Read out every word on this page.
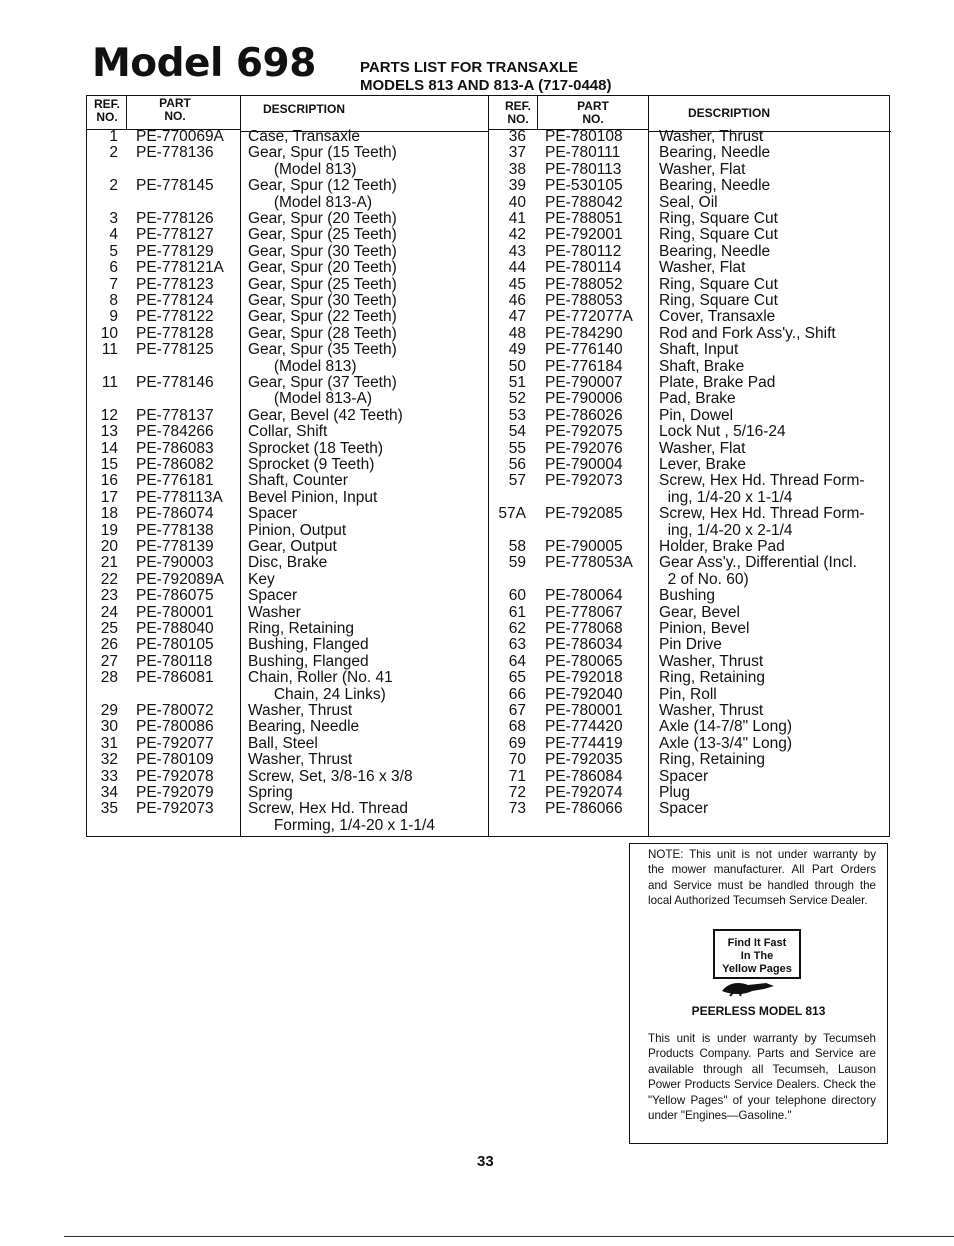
Model 698	PARTS LIST FOR TRANSAXLE
MODELS 813 AND 813-A (717-0448)
REF.
NO.
PART
NO.	DESCRIPTION	REF.
NO.
PART
NO.	DESCRIPTION
1 PE-770069A Case, Transaxle
2 PE-778136 Gear, Spur (15 Teeth)
(Model 813)
2 PE-778145 Gear, Spur (12 Teeth)
(Model 813-A)
3 PE-778126 Gear, Spur (20 Teeth)
4 PE-778127 Gear, Spur (25 Teeth)
5 PE-778129 Gear, Spur (30 Teeth)
6 PE-778121A Gear, Spur (20 Teeth)
7 PE-778123 Gear, Spur (25 Teeth)
8 PE-778124 Gear, Spur (30 Teeth)
9 PE-778122 Gear, Spur (22 Teeth)
10 PE-778128 Gear, Spur (28 Teeth)
11 PE-778125 Gear, Spur (35 Teeth)
(Model 813)
11 PE-778146 Gear, Spur (37 Teeth)
(Model 813-A)
12 PE-778137 Gear, Bevel (42 Teeth)
13 PE-784266 Collar, Shift
14 PE-786083 Sprocket (18 Teeth)
15 PE-786082 Sprocket (9 Teeth)
16 PE-776181 Shaft, Counter
17 PE-778113A Bevel Pinion, Input
18 PE-786074 Spacer
19 PE-778138 Pinion, Output
20 PE-778139 Gear, Output
21 PE-790003 Disc, Brake
22 PE-792089A Key
23 PE-786075 Spacer
24 PE-780001 Washer
25 PE-788040 Ring, Retaining
26 PE-780105 Bushing, Flanged
27 PE-780118 Bushing, Flanged
28 PE-786081 Chain, Roller (No. 41
Chain, 24 Links)
29 PE-780072 Washer, Thrust
30 PE-780086 Bearing, Needle
31 PE-792077 Ball, Steel
32 PE-780109 Washer, Thrust
33 PE-792078 Screw, Set, 3/8-16 x 3/8
34 PE-792079 Spring
35 PE-792073 Screw, Hex Hd. Thread
Forming, 1/4-20 x 1-1/4
36 PE-780108 Washer, Thrust
37 PE-780111 Bearing, Needle
38 PE-780113 Washer, Flat
39 PE-530105 Bearing, Needle
40 PE-788042 Seal, Oil
41 PE-788051 Ring, Square Cut
42 PE-792001 Ring, Square Cut
43 PE-780112 Bearing, Needle
44 PE-780114 Washer, Flat
45 PE-788052 Ring, Square Cut
46 PE-788053 Ring, Square Cut
47 PE-772077A Cover, Transaxle
48 PE-784290 Rod and Fork Ass'y., Shift
49 PE-776140 Shaft, Input
50 PE-776184 Shaft, Brake
51 PE-790007 Plate, Brake Pad
52 PE-790006 Pad, Brake
53 PE-786026 Pin, Dowel
54 PE-792075 Lock Nut , 5/16-24
55 PE-792076 Washer, Flat
56 PE-790004 Lever, Brake
57 PE-792073 Screw, Hex Hd. Thread Form-
ing, 1/4-20 x 1-1/4
57A PE-792085 Screw, Hex Hd. Thread Form-
ing, 1/4-20 x 2-1/4
58 PE-790005 Holder, Brake Pad
59 PE-778053A Gear Ass'y., Differential (Incl.
2 of No. 60)
60 PE-780064 Bushing
61 PE-778067 Gear, Bevel
62 PE-778068 Pinion, Bevel
63 PE-786034 Pin Drive
64 PE-780065 Washer, Thrust
65 PE-792018 Ring, Retaining
66 PE-792040 Pin, Roll
67 PE-780001 Washer, Thrust
68 PE-774420 Axle (14-7/8" Long)
69 PE-774419 Axle (13-3/4" Long)
70 PE-792035 Ring, Retaining
71 PE-786084 Spacer
72 PE-792074 Plug
73 PE-786066 Spacer
NOTE: This unit is not under warranty by the mower manufacturer. All Part Orders and Service must be handled through the local Authorized Tecumseh Service Dealer.
Find It Fast
In The
Yellow Pages
PEERLESS MODEL 813
This unit is under warranty by Tecumseh Products Company. Parts and Service are available through all Tecumseh, Lauson Power Products Service Dealers. Check the "Yellow Pages" of your telephone directory under "Engines—Gasoline."
33
